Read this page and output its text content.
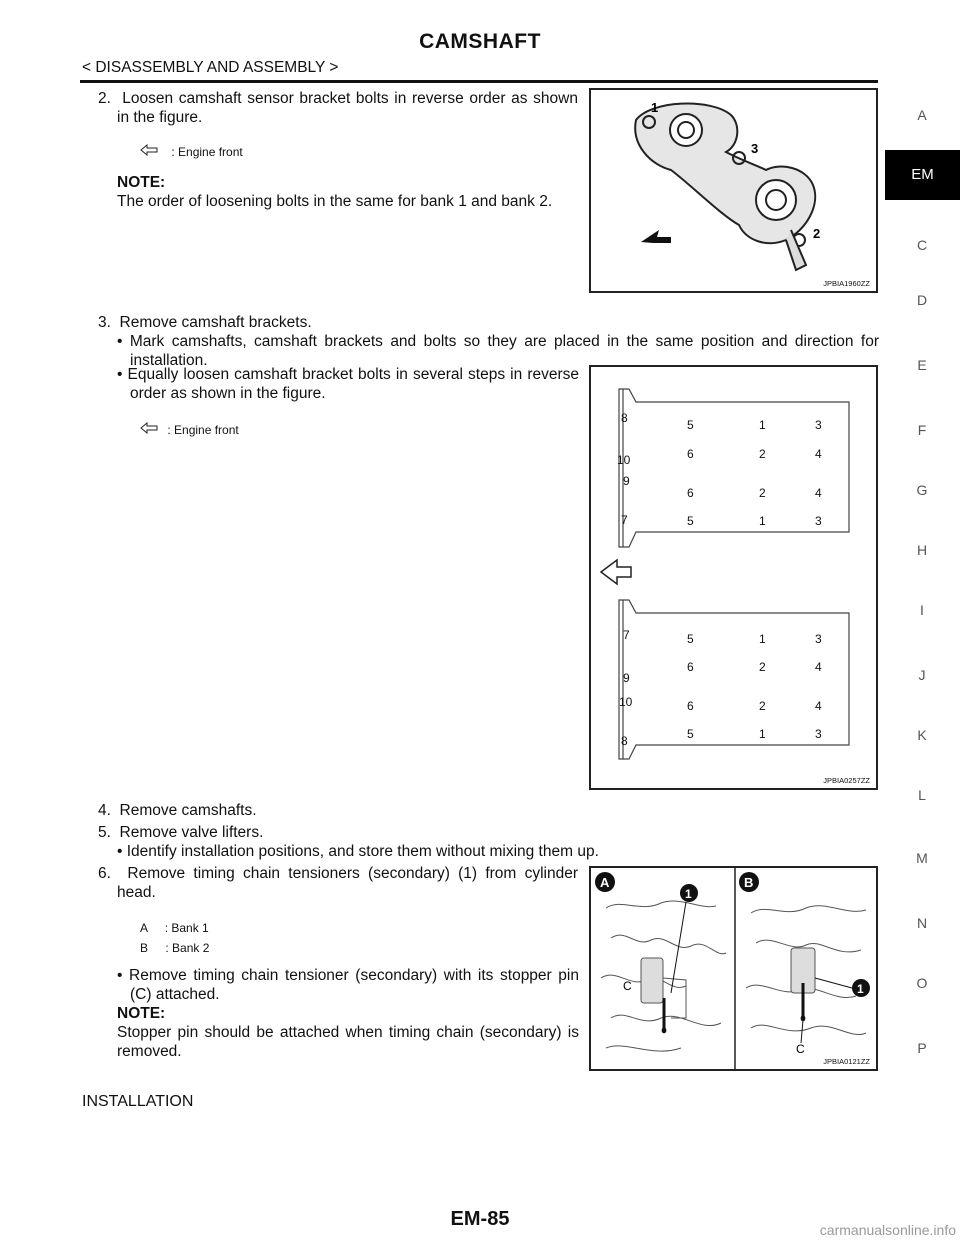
CAMSHAFT
< DISASSEMBLY AND ASSEMBLY >
A
C
D
E
F
G
H
I
J
K
L
M
N
O
P
EM
2.  Loosen camshaft sensor bracket bolts in reverse order as shown in the figure.
: Engine front
NOTE:
The order of loosening bolts in the same for bank 1 and bank 2.
1
2
3
JPBIA1960ZZ
3.  Remove camshaft brackets.
• Mark camshafts, camshaft brackets and bolts so they are placed in the same position and direction for installation.
• Equally loosen camshaft bracket bolts in several steps in reverse order as shown in the figure.
: Engine front
8
10
9
7
5	1	3
6	2	4
6	2	4
5	1	3
7
9
10
8
5	1	3
6	2	4
6	2	4
5	1	3
JPBIA0257ZZ
4.  Remove camshafts.
5.  Remove valve lifters.
• Identify installation positions, and store them without mixing them up.
6.  Remove timing chain tensioners (secondary) (1) from cylinder head.
A : Bank 1
B : Bank 2
• Remove timing chain tensioner (secondary) with its stopper pin (C) attached.
NOTE:
Stopper pin should be attached when timing chain (secondary) is removed.
A	B
1
1
C
C
JPBIA0121ZZ
INSTALLATION
EM-85	carmanualsonline.info
